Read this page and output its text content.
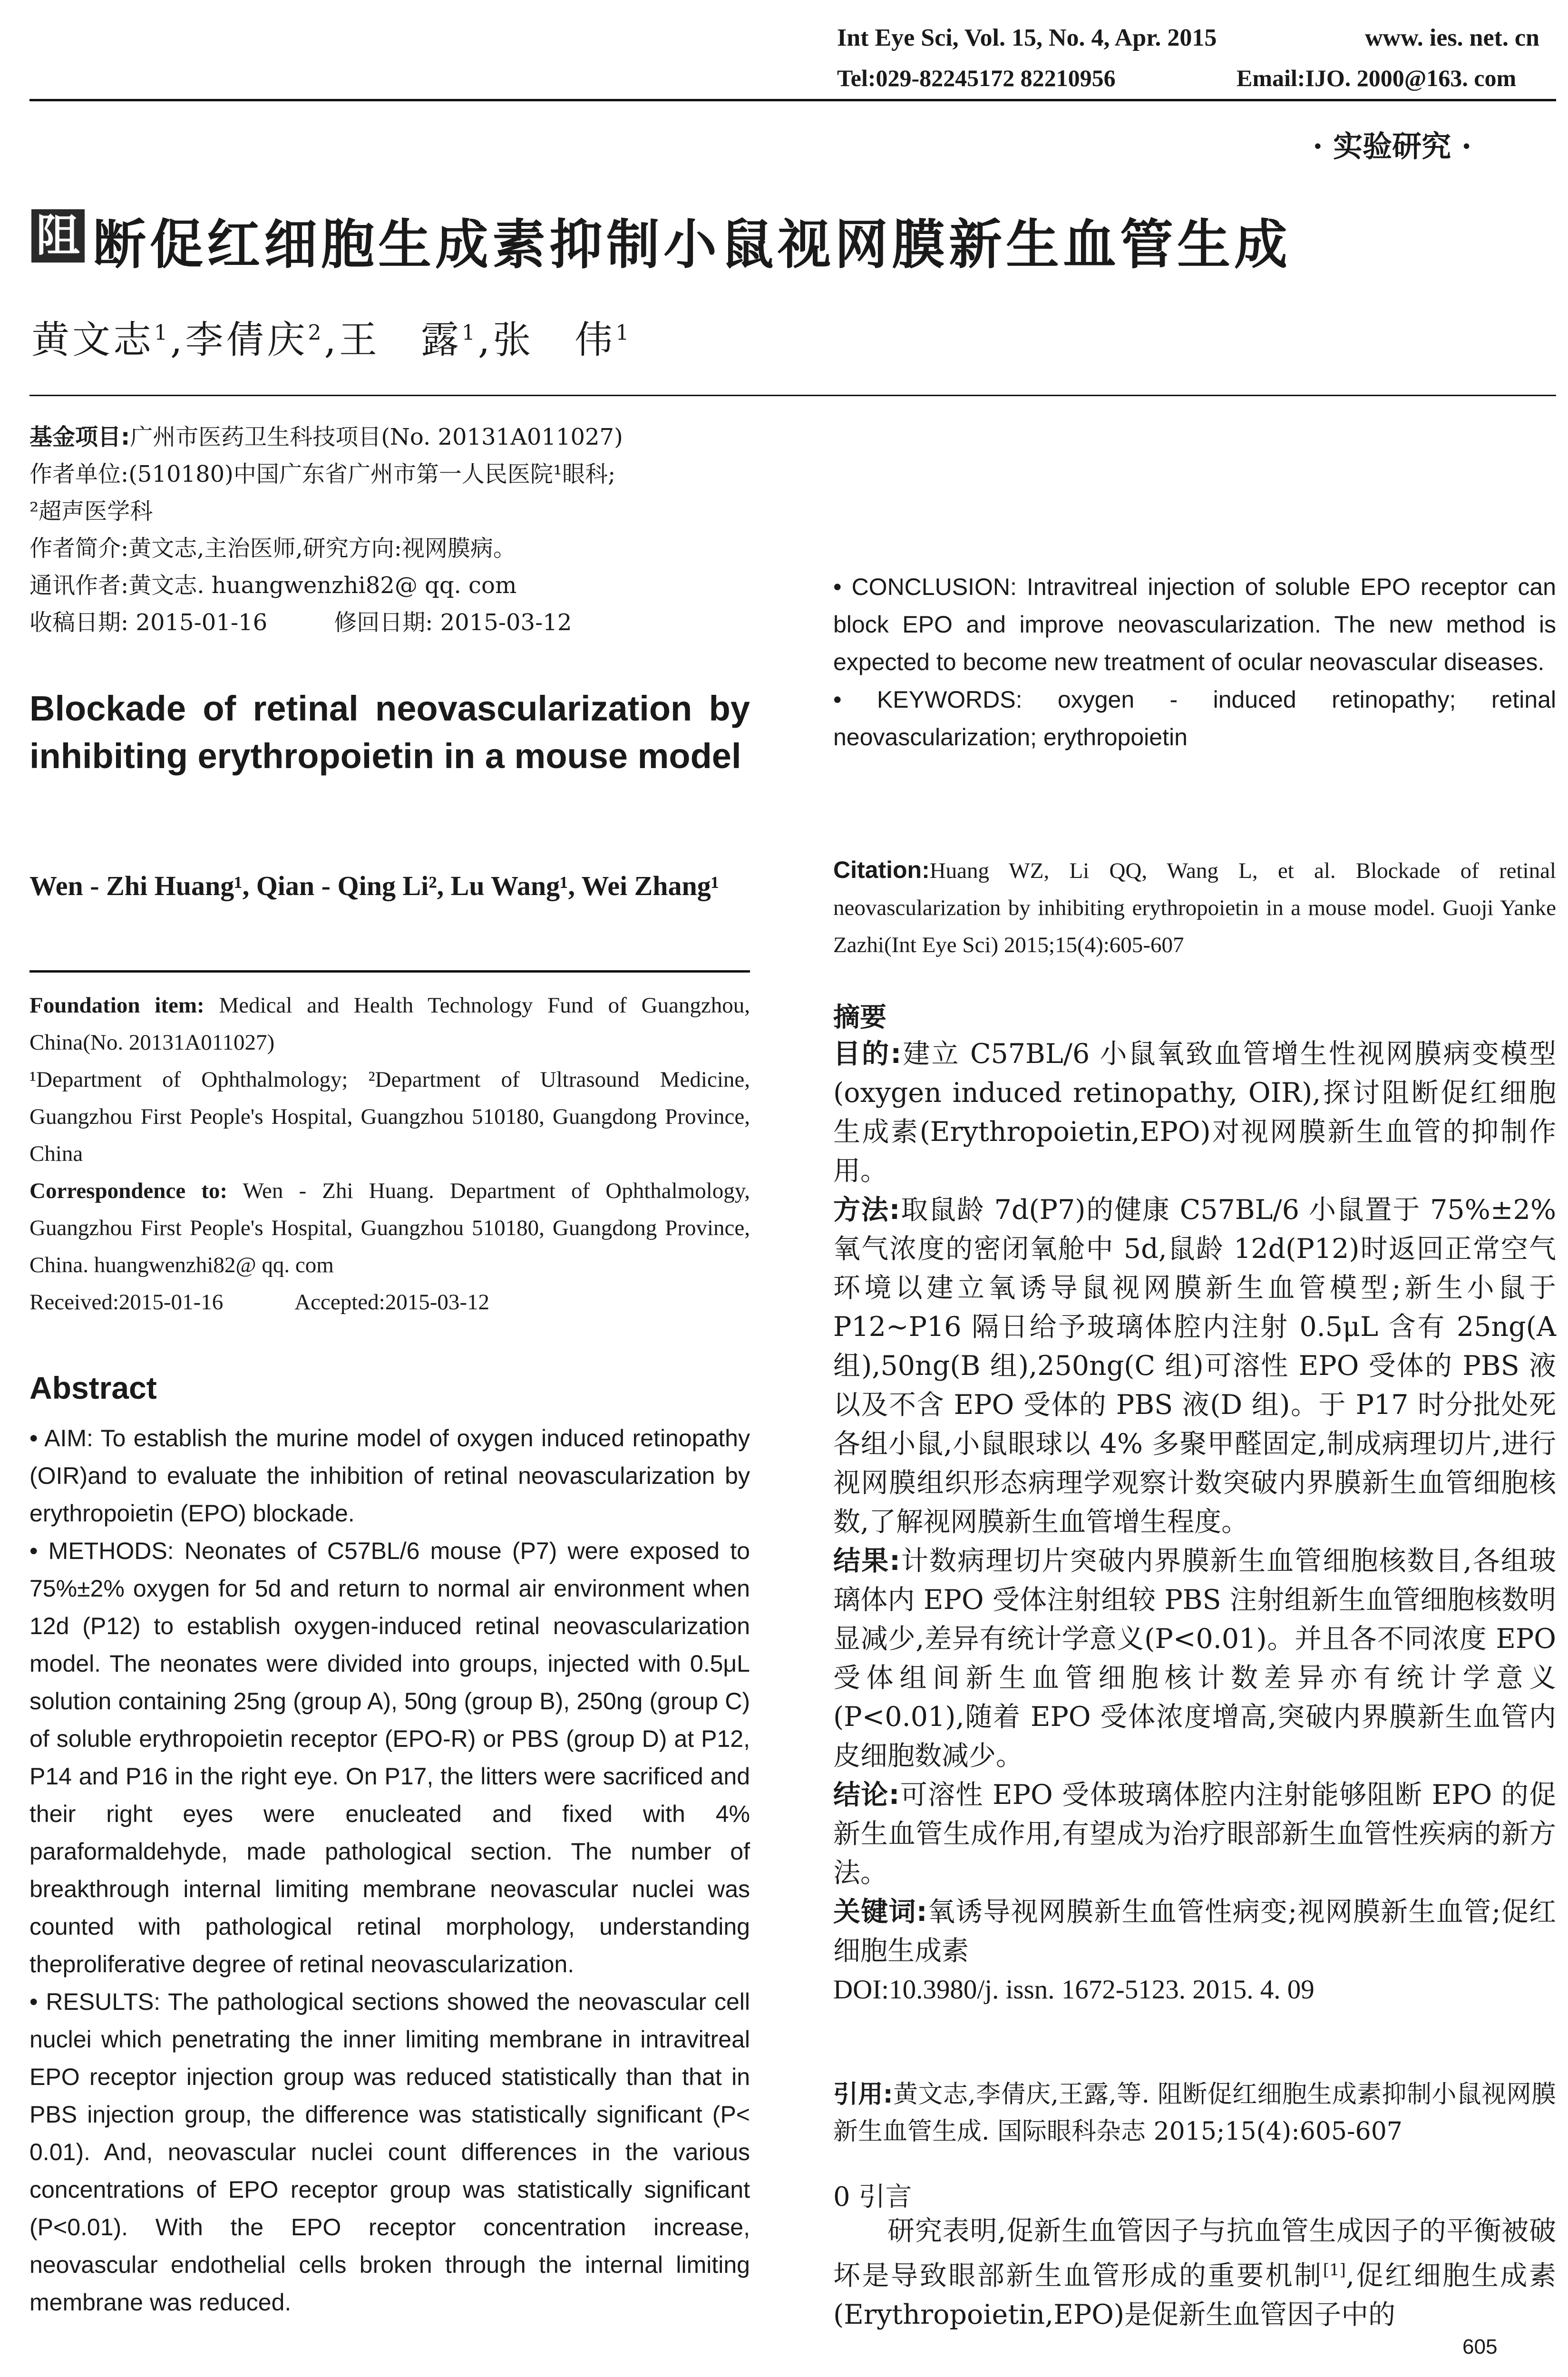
Int Eye Sci, Vol. 15, No. 4, Apr. 2015	www. ies. net. cn
Tel:029-82245172 82210956	Email:IJO. 2000@163. com
· 实验研究 ·
阻 断促红细胞生成素抑制小鼠视网膜新生血管生成
黄文志$^1$,李倩庆$^2$,王　露$^1$,张　伟$^1$
基金项目:广州市医药卫生科技项目(No. 20131A011027)
作者单位:(510180)中国广东省广州市第一人民医院¹眼科;
²超声医学科
作者简介:黄文志,主治医师,研究方向:视网膜病。
通讯作者:黄文志. huangwenzhi82@ qq. com
收稿日期: 2015-01-16	修回日期: 2015-03-12
Blockade of retinal neovascularization by inhibiting erythropoietin in a mouse model
Wen - Zhi Huang¹, Qian - Qing Li², Lu Wang¹, Wei Zhang¹
Foundation item: Medical and Health Technology Fund of Guangzhou, China(No. 20131A011027)
¹Department of Ophthalmology; ²Department of Ultrasound Medicine, Guangzhou First People's Hospital, Guangzhou 510180, Guangdong Province, China
Correspondence to: Wen - Zhi Huang. Department of Ophthalmology, Guangzhou First People's Hospital, Guangzhou 510180, Guangdong Province, China. huangwenzhi82@ qq. com
Received:2015-01-16	Accepted:2015-03-12
Abstract

• AIM: To establish the murine model of oxygen induced retinopathy (OIR)and to evaluate the inhibition of retinal neovascularization by erythropoietin (EPO) blockade.

• METHODS: Neonates of C57BL/6 mouse (P7) were exposed to 75%±2% oxygen for 5d and return to normal air environment when 12d (P12) to establish oxygen-induced retinal neovascularization model. The neonates were divided into groups, injected with 0.5μL solution containing 25ng (group A), 50ng (group B), 250ng (group C) of soluble erythropoietin receptor (EPO-R) or PBS (group D) at P12, P14 and P16 in the right eye. On P17, the litters were sacrificed and their right eyes were enucleated and fixed with 4% paraformaldehyde, made pathological section. The number of breakthrough internal limiting membrane neovascular nuclei was counted with pathological retinal morphology, understanding theproliferative degree of retinal neovascularization.

• RESULTS: The pathological sections showed the neovascular cell nuclei which penetrating the inner limiting membrane in intravitreal EPO receptor injection group was reduced statistically than that in PBS injection group, the difference was statistically significant (P< 0.01). And, neovascular nuclei count differences in the various concentrations of EPO receptor group was statistically significant (P<0.01). With the EPO receptor concentration increase, neovascular endothelial cells broken through the internal limiting membrane was reduced.

• CONCLUSION: Intravitreal injection of soluble EPO receptor can block EPO and improve neovascularization. The new method is expected to become new treatment of ocular neovascular diseases.

• KEYWORDS: oxygen - induced retinopathy; retinal neovascularization; erythropoietin

Citation:Huang WZ, Li QQ, Wang L, et al. Blockade of retinal neovascularization by inhibiting erythropoietin in a mouse model. Guoji Yanke Zazhi(Int Eye Sci) 2015;15(4):605-607
摘要

目的:建立 C57BL/6 小鼠氧致血管增生性视网膜病变模型(oxygen induced retinopathy, OIR),探讨阻断促红细胞生成素(Erythropoietin,EPO)对视网膜新生血管的抑制作用。

方法:取鼠龄 7d(P7)的健康 C57BL/6 小鼠置于 75%±2% 氧气浓度的密闭氧舱中 5d,鼠龄 12d(P12)时返回正常空气环境以建立氧诱导鼠视网膜新生血管模型;新生小鼠于 P12~P16 隔日给予玻璃体腔内注射 0.5μL 含有 25ng(A 组),50ng(B 组),250ng(C 组)可溶性 EPO 受体的 PBS 液以及不含 EPO 受体的 PBS 液(D 组)。于 P17 时分批处死各组小鼠,小鼠眼球以 4% 多聚甲醛固定,制成病理切片,进行视网膜组织形态病理学观察计数突破内界膜新生血管细胞核数,了解视网膜新生血管增生程度。

结果:计数病理切片突破内界膜新生血管细胞核数目,各组玻璃体内 EPO 受体注射组较 PBS 注射组新生血管细胞核数明显减少,差异有统计学意义(P<0.01)。并且各不同浓度 EPO 受体组间新生血管细胞核计数差异亦有统计学意义(P<0.01),随着 EPO 受体浓度增高,突破内界膜新生血管内皮细胞数减少。

结论:可溶性 EPO 受体玻璃体腔内注射能够阻断 EPO 的促新生血管生成作用,有望成为治疗眼部新生血管性疾病的新方法。

关键词:氧诱导视网膜新生血管性病变;视网膜新生血管;促红细胞生成素

DOI:10.3980/j. issn. 1672-5123. 2015. 4. 09

引用:黄文志,李倩庆,王露,等. 阻断促红细胞生成素抑制小鼠视网膜新生血管生成. 国际眼科杂志 2015;15(4):605-607
0 引言
研究表明,促新生血管因子与抗血管生成因子的平衡被破坏是导致眼部新生血管形成的重要机制[1],促红细胞生成素(Erythropoietin,EPO)是促新生血管因子中的
605
